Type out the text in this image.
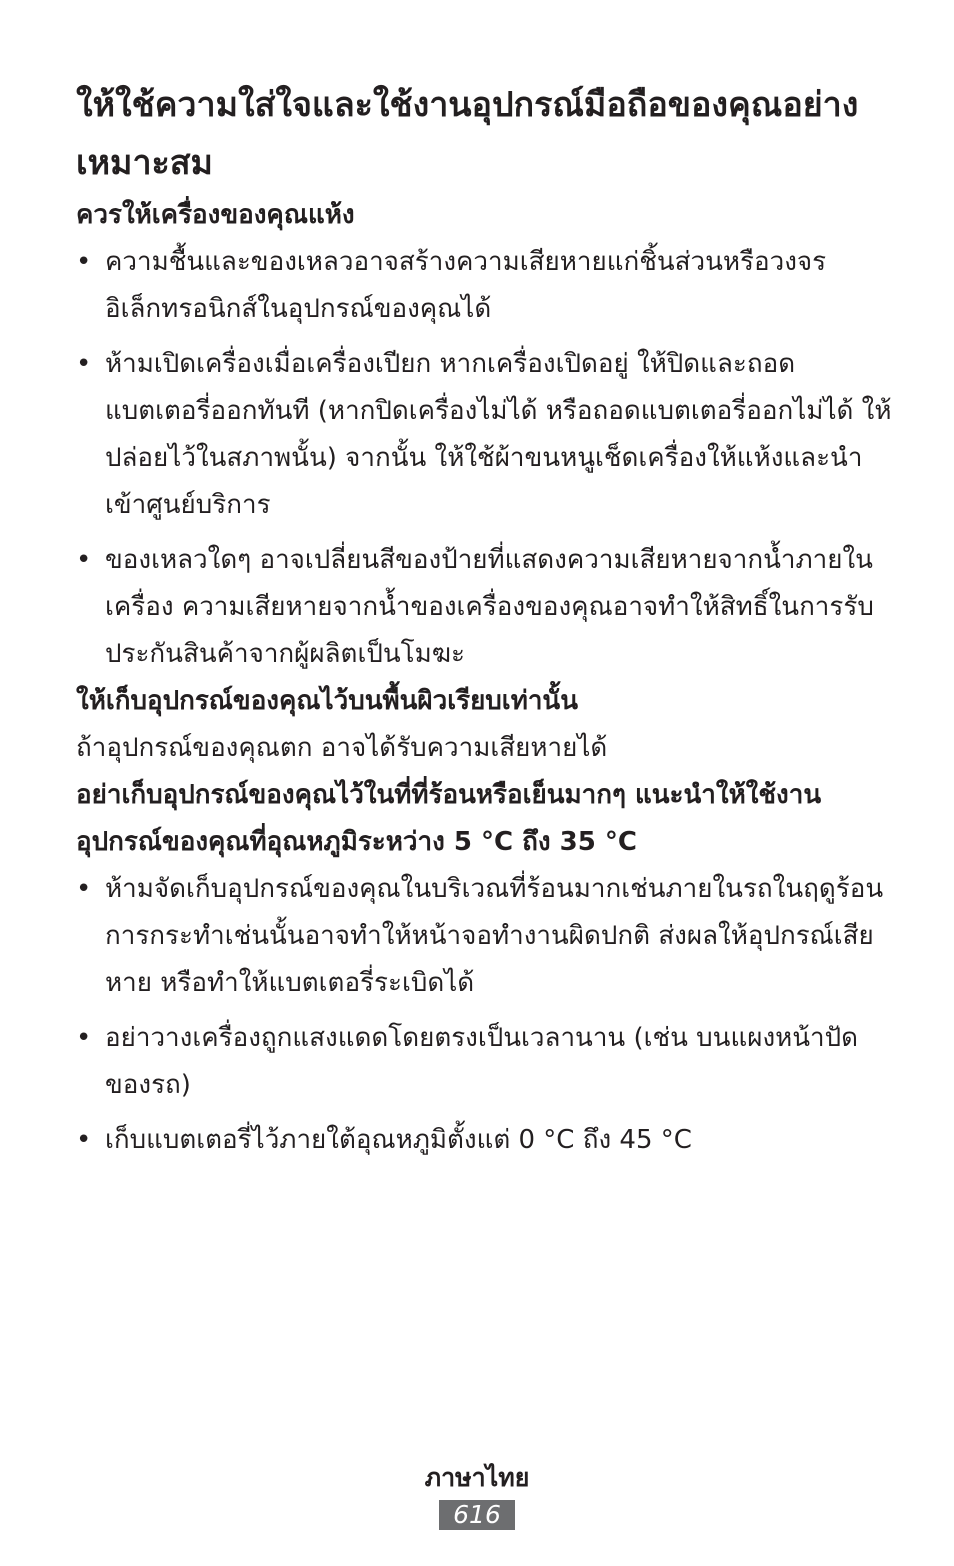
ให้ใช้ความใส่ใจและใช้งานอุปกรณ์มือถือของคุณอย่างเหมาะสม
ควรให้เครื่องของคุณแห้ง
• ความชื้นและของเหลวอาจสร้างความเสียหายแก่ชิ้นส่วนหรือวงจรอิเล็กทรอนิกส์ในอุปกรณ์ของคุณได้
• ห้ามเปิดเครื่องเมื่อเครื่องเปียก หากเครื่องเปิดอยู่ ให้ปิดและถอดแบตเตอรี่ออกทันที (หากปิดเครื่องไม่ได้ หรือถอดแบตเตอรี่ออกไม่ได้ ให้ปล่อยไว้ในสภาพนั้น) จากนั้น ให้ใช้ผ้าขนหนูเช็ดเครื่องให้แห้งและนำเข้าศูนย์บริการ
• ของเหลวใดๆ อาจเปลี่ยนสีของป้ายที่แสดงความเสียหายจากน้ำภายในเครื่อง ความเสียหายจากน้ำของเครื่องของคุณอาจทำให้สิทธิ์ในการรับประกันสินค้าจากผู้ผลิตเป็นโมฆะ
ให้เก็บอุปกรณ์ของคุณไว้บนพื้นผิวเรียบเท่านั้น

ถ้าอุปกรณ์ของคุณตก อาจได้รับความเสียหายได้

อย่าเก็บอุปกรณ์ของคุณไว้ในที่ที่ร้อนหรือเย็นมากๆ แนะนำให้ใช้งานอุปกรณ์ของคุณที่อุณหภูมิระหว่าง 5 °C ถึง 35 °C
• ห้ามจัดเก็บอุปกรณ์ของคุณในบริเวณที่ร้อนมากเช่นภายในรถในฤดูร้อน การกระทำเช่นนั้นอาจทำให้หน้าจอทำงานผิดปกติ ส่งผลให้อุปกรณ์เสียหาย หรือทำให้แบตเตอรี่ระเบิดได้
• อย่าวางเครื่องถูกแสงแดดโดยตรงเป็นเวลานาน (เช่น บนแผงหน้าปัดของรถ)
• เก็บแบตเตอรี่ไว้ภายใต้อุณหภูมิตั้งแต่ 0 °C ถึง 45 °C
ภาษาไทย
616
